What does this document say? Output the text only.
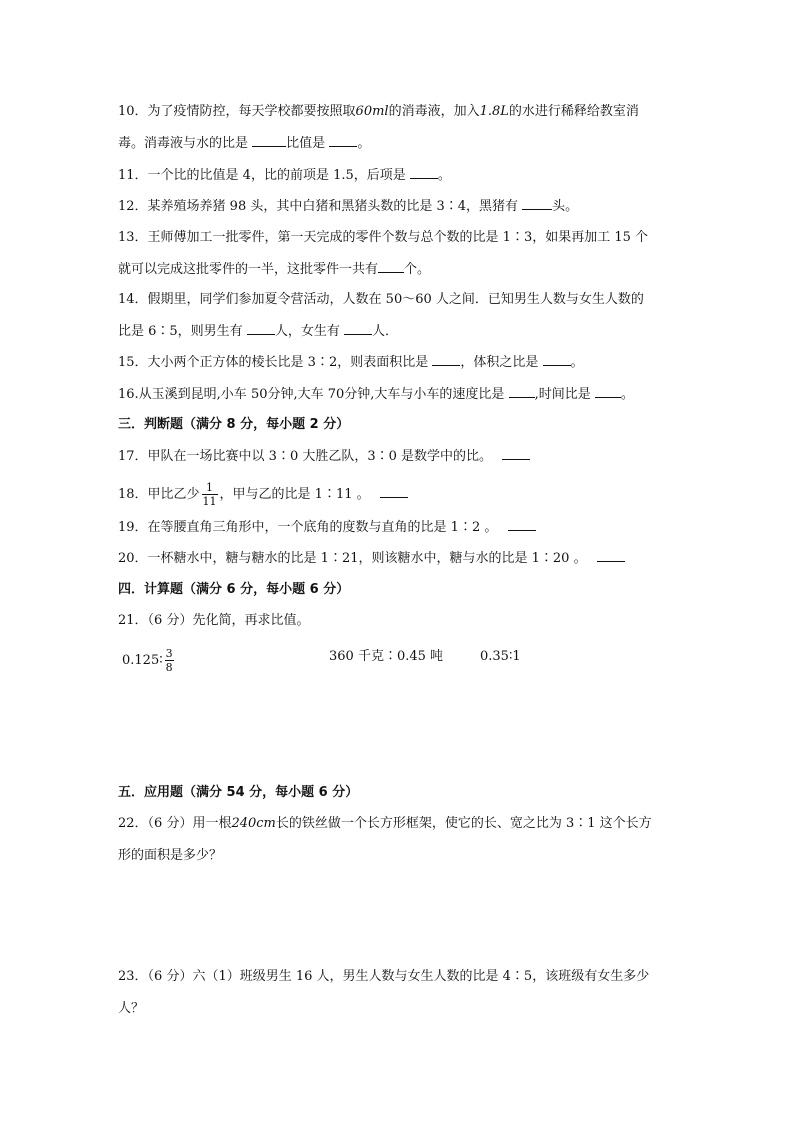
10．为了疫情防控，每天学校都要按照取60ml的消毒液，加入1.8L的水进行稀释给教室消
毒。消毒液与水的比是	比值是 。
11．一个比的比值是 4，比的前项是 1.5，后项是 。
12．某养殖场养猪 98 头，其中白猪和黑猪头数的比是 3∶4，黑猪有	头。
13．王师傅加工一批零件，第一天完成的零件个数与总个数的比是 1∶3，如果再加工 15 个
就可以完成这批零件的一半，这批零件一共有 个。
14．假期里，同学们参加夏令营活动，人数在 50～60 人之间．已知男生人数与女生人数的
比是 6∶5，则男生有 人，女生有 人．
15．大小两个正方体的棱长比是 3∶2，则表面积比是 ，体积之比是 。
16.从玉溪到昆明,小车 50分钟,大车 70分钟,大车与小车的速度比是 ,时间比是 。
三．判断题（满分 8 分，每小题 2 分）
17．甲队在一场比赛中以 3∶0 大胜乙队，3∶0 是数学中的比。
18．甲比乙少 $\frac{1}{11}$ ，甲与乙的比是 1∶11 。
19．在等腰直角三角形中，一个底角的度数与直角的比是 1∶2 。
20．一杯糖水中，糖与糖水的比是 1∶21，则该糖水中，糖与水的比是 1∶20 。
四．计算题（满分 6 分，每小题 6 分）
21．（6 分）先化简，再求比值。
0.125∶ $\frac{3}{8}$	360 千克∶0.45 吨	0.35∶1
五．应用题（满分 54 分，每小题 6 分）
22．（6 分）用一根240cm长的铁丝做一个长方形框架，使它的长、宽之比为 3∶1 这个长方
形的面积是多少？
23．（6 分）六（1）班级男生 16 人，男生人数与女生人数的比是 4∶5，该班级有女生多少
人？
